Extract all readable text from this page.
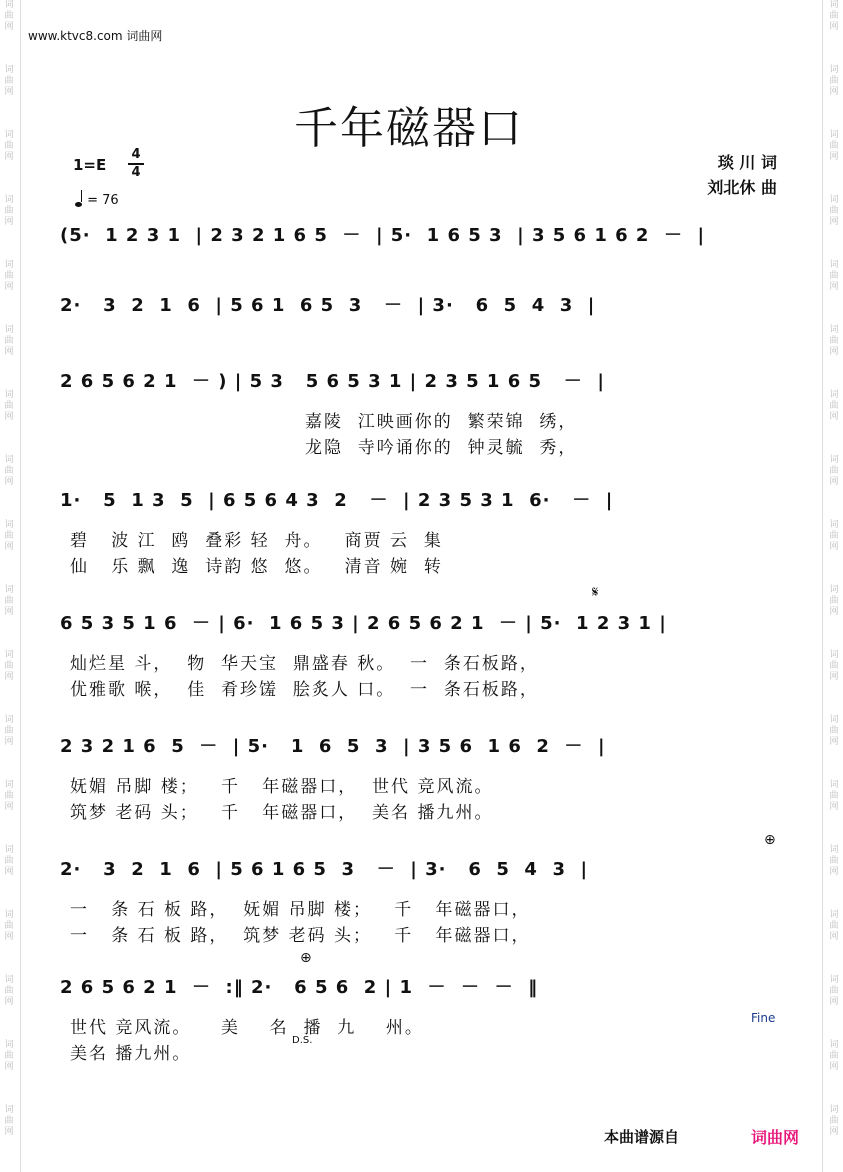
词
曲
网
词
曲
网
词
曲
网
词
曲
网
词
曲
网
词
曲
网
词
曲
网
词
曲
网
词
曲
网
词
曲
网
词
曲
网
词
曲
网
词
曲
网
词
曲
网
词
曲
网
词
曲
网
词
曲
网
词
曲
网
词
曲
网
词
曲
网
词
曲
网
词
曲
网
词
曲
网
词
曲
网
词
曲
网
词
曲
网
词
曲
网
词
曲
网
词
曲
网
词
曲
网
词
曲
网
词
曲
网
词
曲
网
词
曲
网
词
曲
网
词
曲
网
www.ktvc8.com 词曲网
千年磁器口
1=E
4
4
= 76
琰 川 词
刘北休 曲
(5·  1 2 3 1  | 2 3 2 1 6 5  －  | 5·  1 6 5 3  | 3 5 6 1 6 2  －  |
2·   3  2  1  6  | 5 6 1  6 5  3   －  | 3·   6  5  4  3  |
2 6 5 6 2 1  － ) | 5 3   5 6 5 3 1 | 2 3 5 1 6 5   －  |
嘉陵  江映画你的  繁荣锦  绣，
龙隐  寺吟诵你的  钟灵毓  秀，
1·   5  1 3  5  | 6 5 6 4 3  2   －  | 2 3 5 3 1  6·   －  |
碧   波 江  鸥  叠彩 轻  舟。   商贾 云  集
仙   乐 飘  逸  诗韵 悠  悠。   清音 婉  转
6 5 3 5 1 6  － | 6·  1 6 5 3 | 2 6 5 6 2 1  － | 5·  1 2 3 1 |
灿烂星 斗，  物  华天宝  鼎盛春 秋。  一  条石板路，
优雅歌 喉，  佳  肴珍馐  脍炙人 口。  一  条石板路，
2 3 2 1 6  5  －  | 5·   1  6  5  3  | 3 5 6  1 6  2  －  |
妩媚 吊脚 楼；   千   年磁器口，  世代 竞风流。
筑梦 老码 头；   千   年磁器口，  美名 播九州。
2·   3  2  1  6  | 5 6 1 6 5  3   －  | 3·   6  5  4  3  |
一   条 石 板 路，  妩媚 吊脚 楼；   千   年磁器口，
一   条 石 板 路，  筑梦 老码 头；   千   年磁器口，
2 6 5 6 2 1  －  :‖ 2·   6 5 6  2 | 1  －  －  －  ‖
世代 竞风流。    美    名  播  九    州。
美名 播九州。
𝄋
⊕
⊕
Fine
D.S.
本曲谱源自	词曲网
